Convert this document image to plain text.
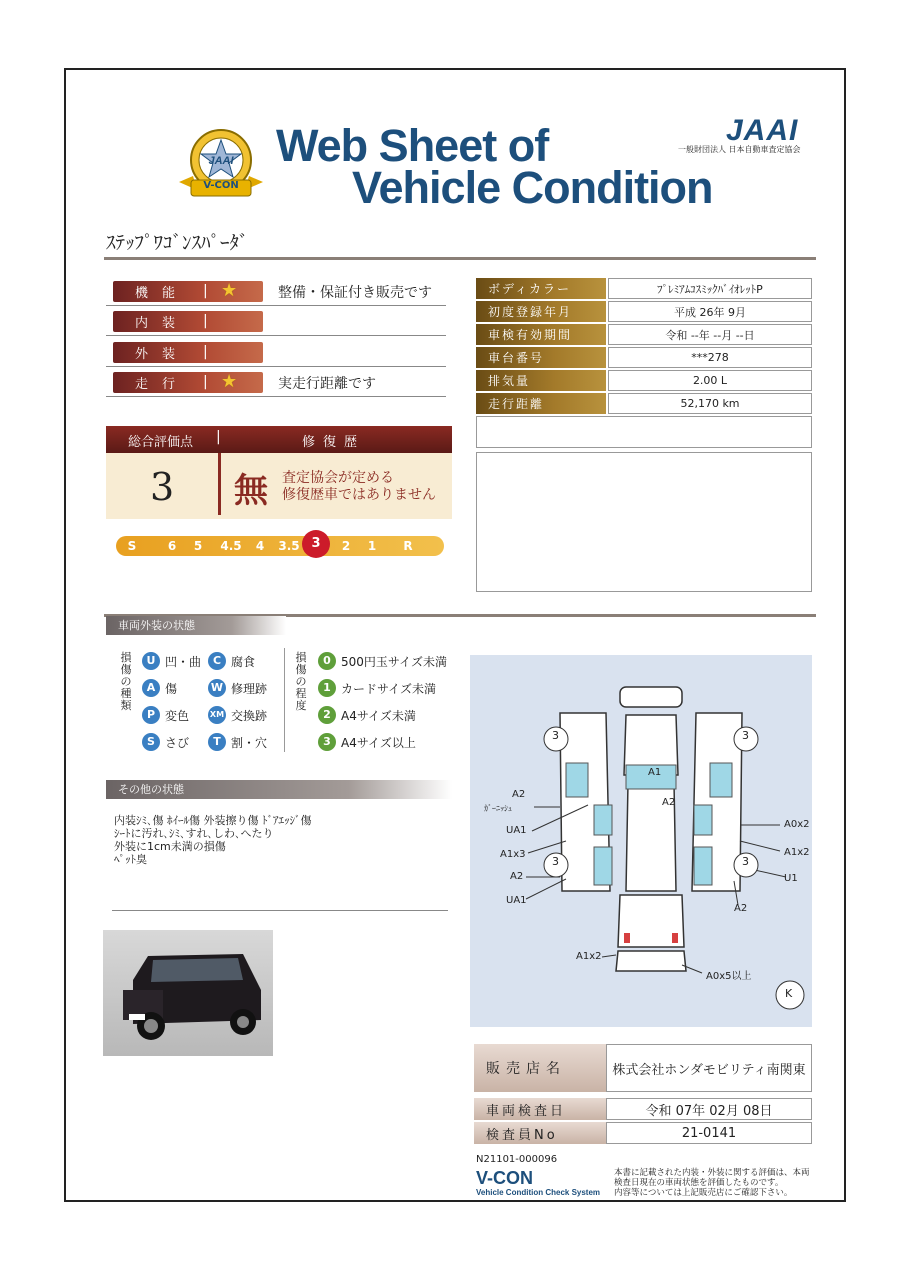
JAAI
V-CON
Web Sheet of
Vehicle Condition
JAAI
一般財団法人 日本自動車査定協会
ｽﾃｯﾌﾟﾜｺﾞﾝｽﾊﾟｰﾀﾞ
機能 | ★ 整備・保証付き販売です
内装 |
外装 |
走行 | ★ 実走行距離です
ボディカラー	ﾌﾟﾚﾐｱﾑｺｽﾐｯｸﾊﾞｲｵﾚｯﾄP
初度登録年月	平成 26年 9月
車検有効期間	令和 --年 --月 --日
車台番号	***278
排気量	2.00 L
走行距離	52,170 km
総合評価点 |	修復歴
3 無 査定協会が定める
修復歴車ではありません
S	6	5	4.5	4	3.5 3	2	1	R
車両外装の状態
損傷の種類
損傷の程度
U 凹・曲	C 腐食
A 傷	W 修理跡
P 変色	XM 交換跡
S さび	T 割・穴
0 500円玉サイズ未満
1 カードサイズ未満
2 A4サイズ未満
3 A4サイズ以上
その他の状態
内装ｼﾐ､傷 ﾎｲｰﾙ傷 外装擦り傷 ﾄﾞｱｴｯｼﾞ傷
ｼｰﾄに汚れ､ｼﾐ､すれ､しわ､へたり
外装に1cm未満の損傷
ﾍﾟｯﾄ臭
A1
A2
A2
ｶﾞｰﾆｯｼｭ
UA1
A1x3
A2
UA1
A0x2
A1x2
U1
A2
A1x2
A0x5以上
K
3	3
3	3
販売店名	株式会社ホンダモビリティ南関東
車両検査日	令和 07年 02月 08日
検査員No	21-0141
N21101-000096
V-CON
Vehicle Condition Check System
本書に記載された内装・外装に関する評価は、本両
検査日現在の車両状態を評価したものです。
内容等については上記販売店にご確認下さい。
